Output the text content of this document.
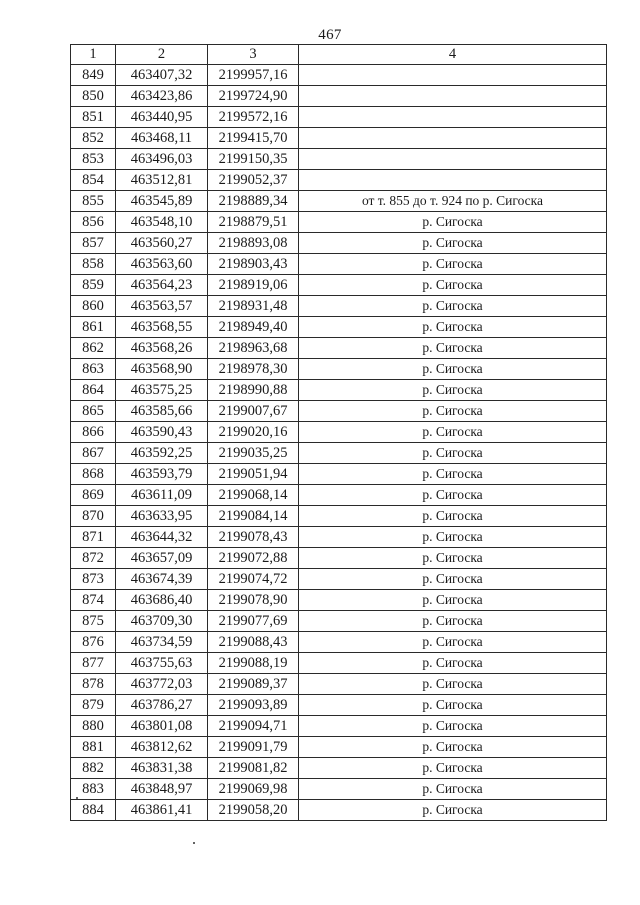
467
1	2	3	4
849	463407,32	2199957,16	
850	463423,86	2199724,90	
851	463440,95	2199572,16	
852	463468,11	2199415,70	
853	463496,03	2199150,35	
854	463512,81	2199052,37	
855	463545,89	2198889,34	от т. 855 до т. 924 по р. Сигоска
856	463548,10	2198879,51	р. Сигоска
857	463560,27	2198893,08	р. Сигоска
858	463563,60	2198903,43	р. Сигоска
859	463564,23	2198919,06	р. Сигоска
860	463563,57	2198931,48	р. Сигоска
861	463568,55	2198949,40	р. Сигоска
862	463568,26	2198963,68	р. Сигоска
863	463568,90	2198978,30	р. Сигоска
864	463575,25	2198990,88	р. Сигоска
865	463585,66	2199007,67	р. Сигоска
866	463590,43	2199020,16	р. Сигоска
867	463592,25	2199035,25	р. Сигоска
868	463593,79	2199051,94	р. Сигоска
869	463611,09	2199068,14	р. Сигоска
870	463633,95	2199084,14	р. Сигоска
871	463644,32	2199078,43	р. Сигоска
872	463657,09	2199072,88	р. Сигоска
873	463674,39	2199074,72	р. Сигоска
874	463686,40	2199078,90	р. Сигоска
875	463709,30	2199077,69	р. Сигоска
876	463734,59	2199088,43	р. Сигоска
877	463755,63	2199088,19	р. Сигоска
878	463772,03	2199089,37	р. Сигоска
879	463786,27	2199093,89	р. Сигоска
880	463801,08	2199094,71	р. Сигоска
881	463812,62	2199091,79	р. Сигоска
882	463831,38	2199081,82	р. Сигоска
883	463848,97	2199069,98	р. Сигоска
884	463861,41	2199058,20	р. Сигоска
